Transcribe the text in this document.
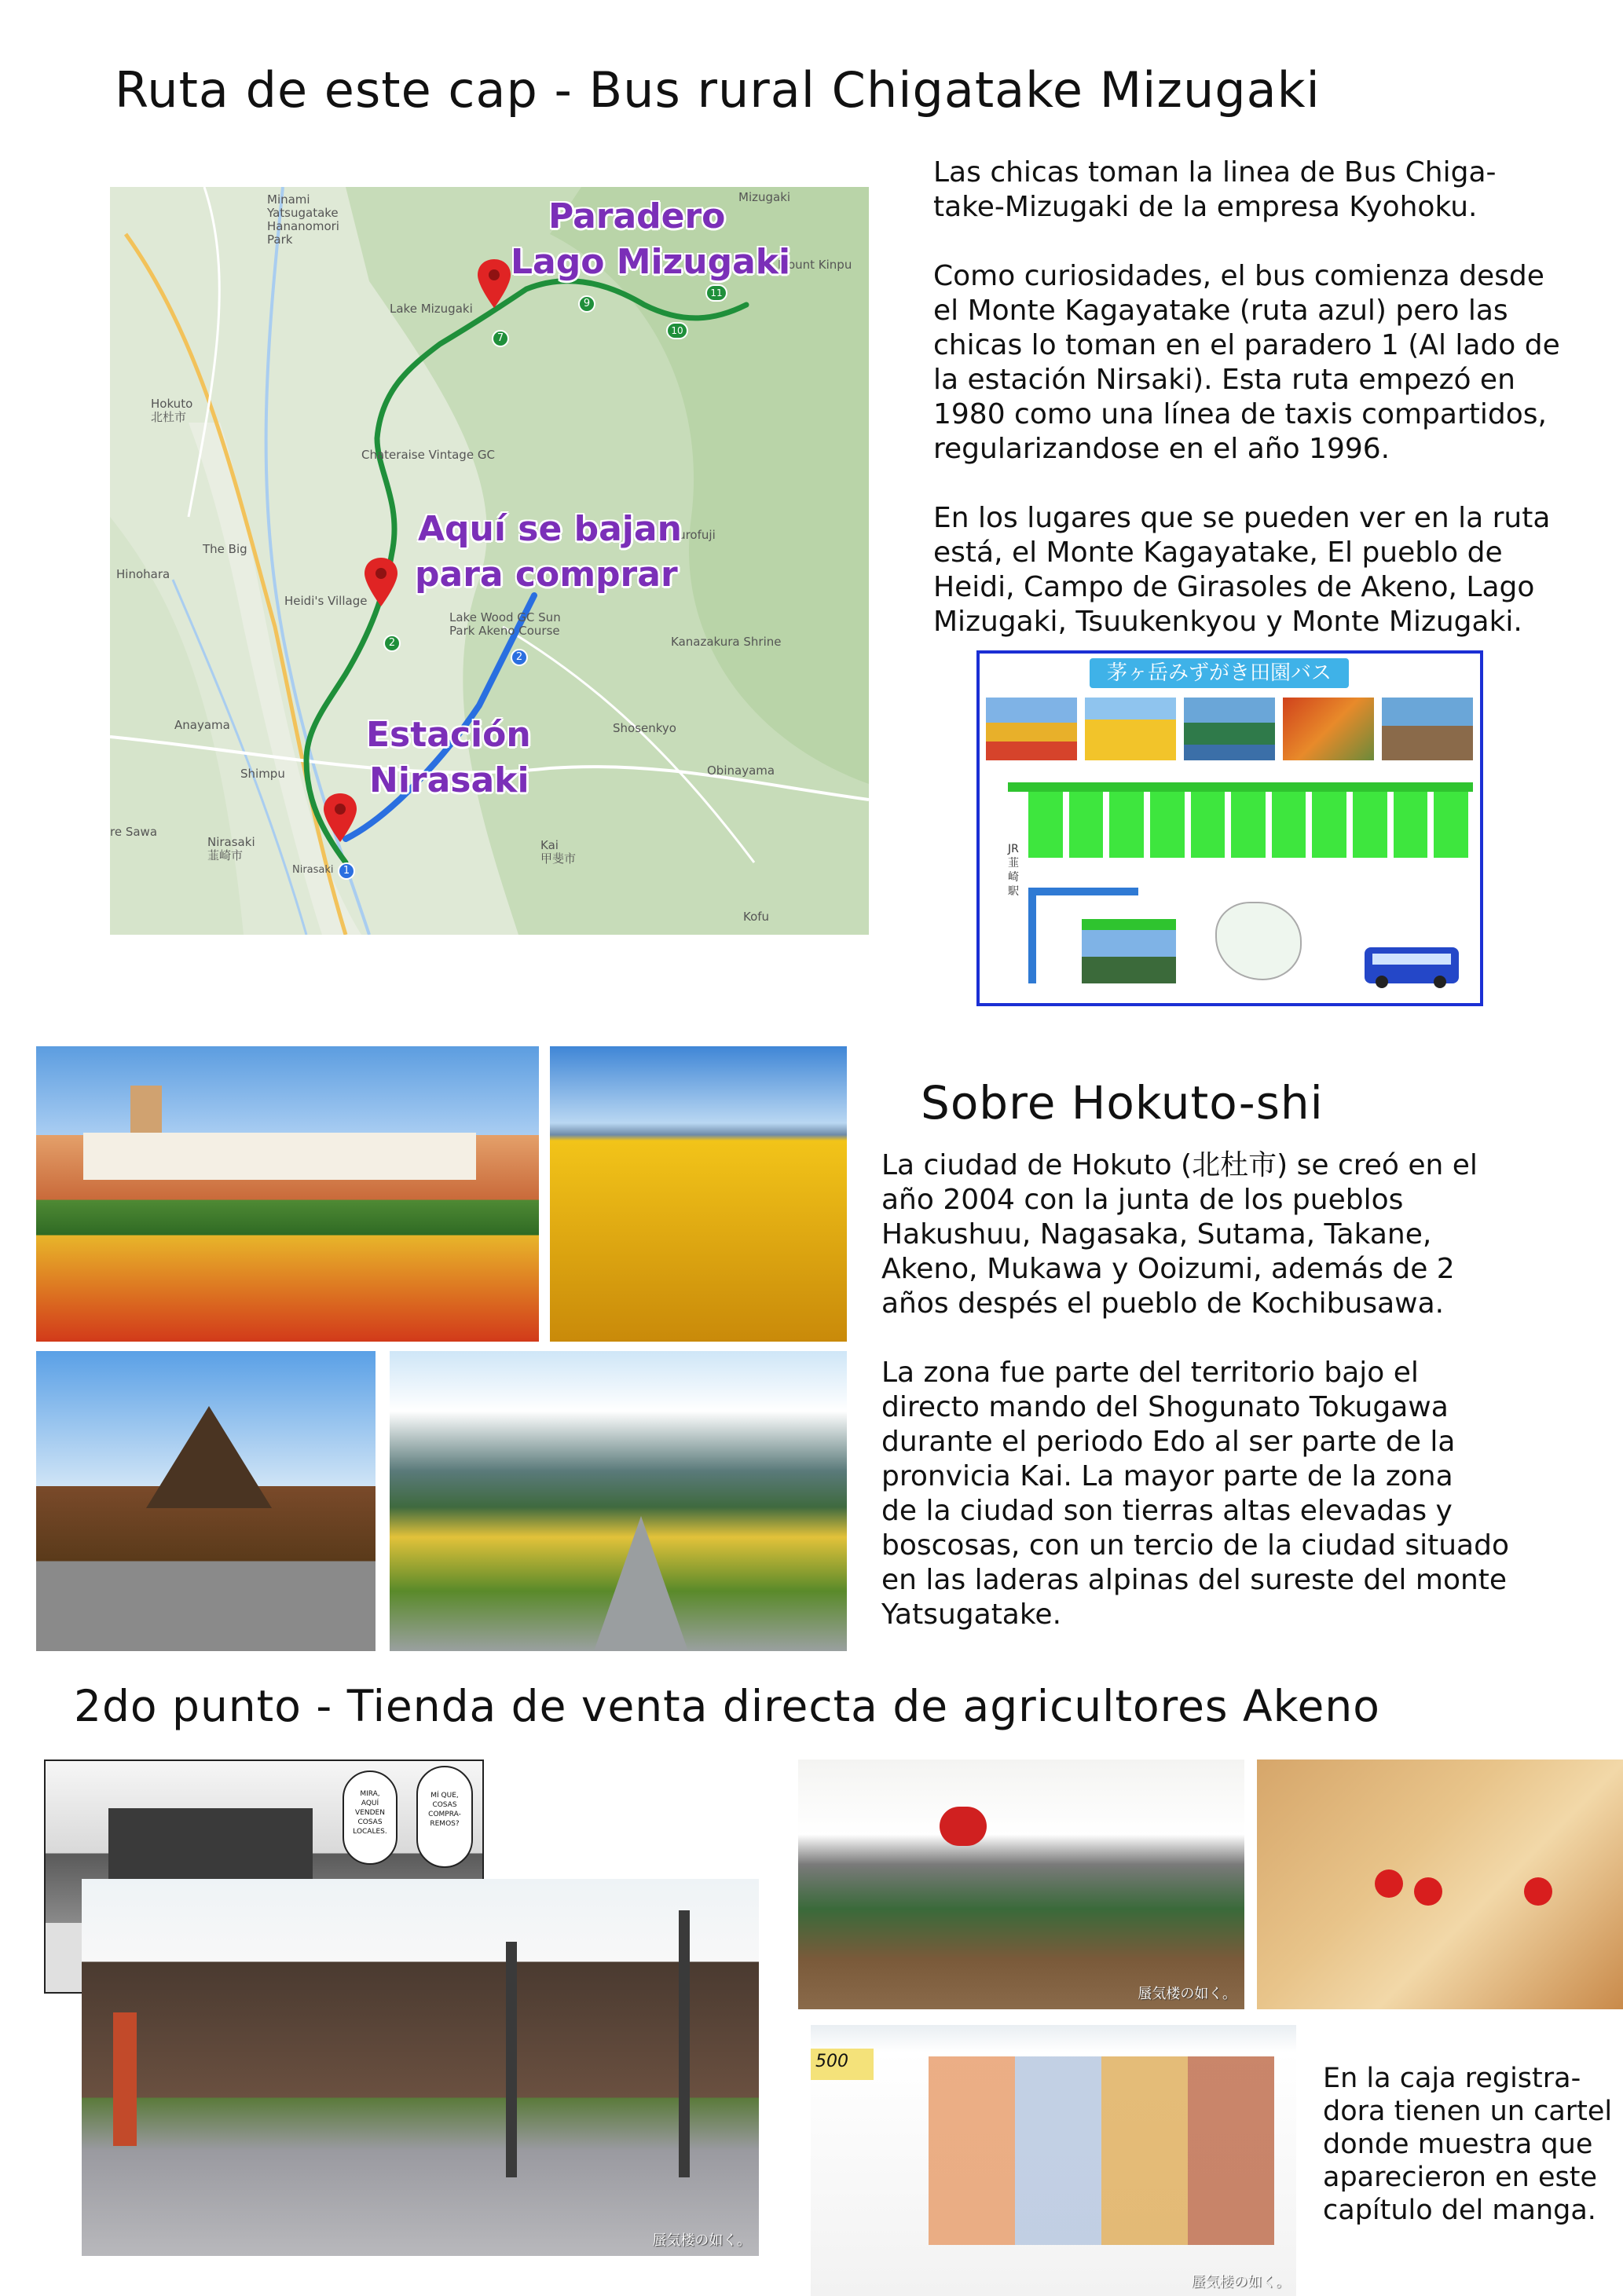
Ruta de este cap - Bus rural Chigatake Mizugaki
1
2
2
7
9
10
11
Minami
Yatsugatake
Hananomori
Park
Mizugaki
Mount Kinpu
Lake Mizugaki
Hokuto
北杜市
Chateraise Vintage GC
The Big
Hinohara
Heidi's Village
Lake Wood GC Sun
Park Akeno Course
Kurofuji
Kanazakura Shrine
Anayama
Shimpu
Shosenkyo
Obinayama
Nirasaki
韮崎市
re Sawa
Kai
甲斐市
Kofu
Nirasaki
Paradero
Lago Mizugaki
Aquí se bajan
para comprar
Estación
Nirasaki
Las chicas toman la linea de Bus Chiga-
take-Mizugaki de la empresa Kyohoku.
Como curiosidades, el bus comienza desde
el Monte Kagayatake (ruta azul) pero las
chicas lo toman en el paradero 1 (Al lado de
la estación Nirsaki). Esta ruta empezó en
1980 como una línea de taxis compartidos,
regularizandose en el año 1996.
En los lugares que se pueden ver en la ruta
está, el Monte Kagayatake, El pueblo de
Heidi, Campo de Girasoles de Akeno, Lago
Mizugaki, Tsuukenkyou y Monte Mizugaki.
茅ヶ岳みずがき田園バス
JR韮崎駅
Sobre Hokuto-shi
La ciudad de Hokuto (北杜市) se creó en el
año 2004 con la junta de los pueblos
Hakushuu, Nagasaka, Sutama, Takane,
Akeno, Mukawa y Ooizumi, además de 2
años despés el pueblo de Kochibusawa.
La zona fue parte del territorio bajo el
directo mando del Shogunato Tokugawa
durante el periodo Edo al ser parte de la
pronvicia Kai. La mayor parte de la zona
de la ciudad son tierras altas elevadas y
boscosas, con un tercio de la ciudad situado
en las laderas alpinas del sureste del monte
Yatsugatake.
2do punto - Tienda de venta directa de agricultores Akeno
MIRA,
AQUÍ
VENDEN
COSAS
LOCALES.
MÍ QUE,
COSAS
COMPRA-
REMOS?
蜃気楼の如く。
蜃気楼の如く。
500
蜃気楼の如く。
En la caja registra-
dora tienen un cartel
donde muestra que
aparecieron en este
capítulo del manga.
